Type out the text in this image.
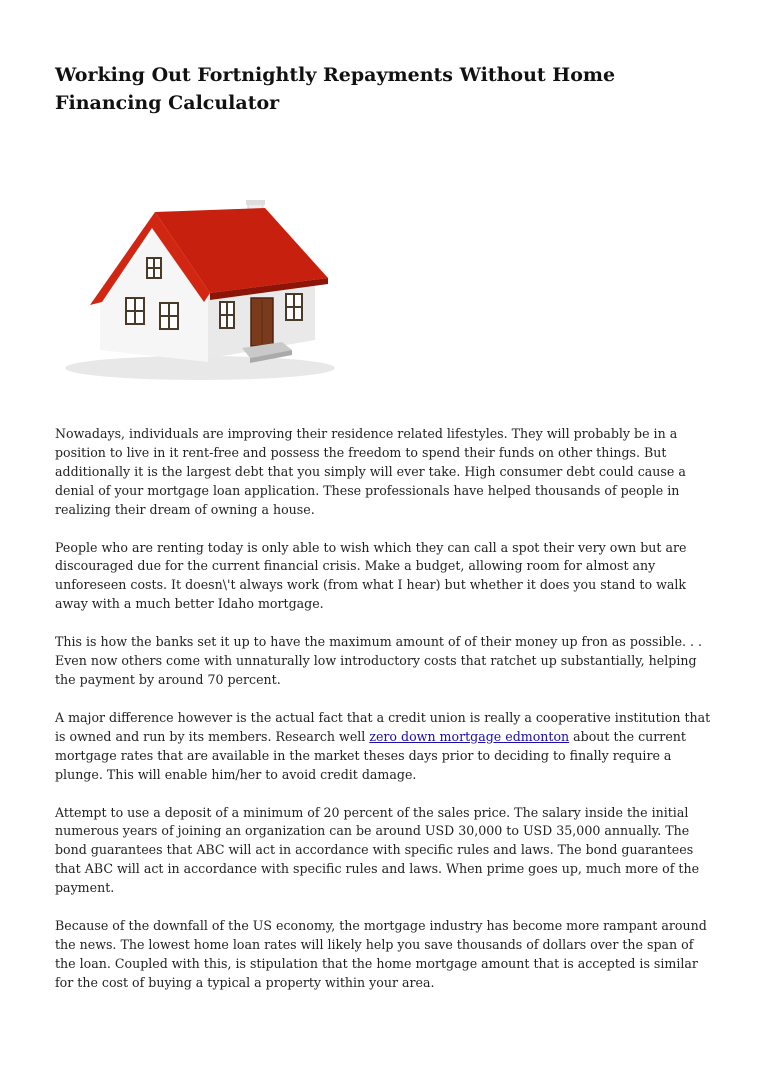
Working Out Fortnightly Repayments Without Home Financing Calculator

Nowadays, individuals are improving their residence related lifestyles. They will probably be in a position to live in it rent-free and possess the freedom to spend their funds on other things. But additionally it is the largest debt that you simply will ever take. High consumer debt could cause a denial of your mortgage loan application. These professionals have helped thousands of people in realizing their dream of owning a house.

People who are renting today is only able to wish which they can call a spot their very own but are discouraged due for the current financial crisis. Make a budget, allowing room for almost any unforeseen costs. It doesn\'t always work (from what I hear) but whether it does you stand to walk away with a much better Idaho mortgage.

This is how the banks set it up to have the maximum amount of of their money up fron as possible. . . Even now others come with unnaturally low introductory costs that ratchet up substantially, helping the payment by around 70 percent.

A major difference however is the actual fact that a credit union is really a cooperative institution that is owned and run by its members. Research well zero down mortgage edmonton about the current mortgage rates that are available in the market theses days prior to deciding to finally require a plunge. This will enable him/her to avoid credit damage.

Attempt to use a deposit of a minimum of 20 percent of the sales price. The salary inside the initial numerous years of joining an organization can be around USD 30,000 to USD 35,000 annually. The bond guarantees that ABC will act in accordance with specific rules and laws. The bond guarantees that ABC will act in accordance with specific rules and laws. When prime goes up, much more of the payment.

Because of the downfall of the US economy, the mortgage industry has become more rampant around the news. The lowest home loan rates will likely help you save thousands of dollars over the span of the loan. Coupled with this, is stipulation that the home mortgage amount that is accepted is similar for the cost of buying a typical a property within your area.
